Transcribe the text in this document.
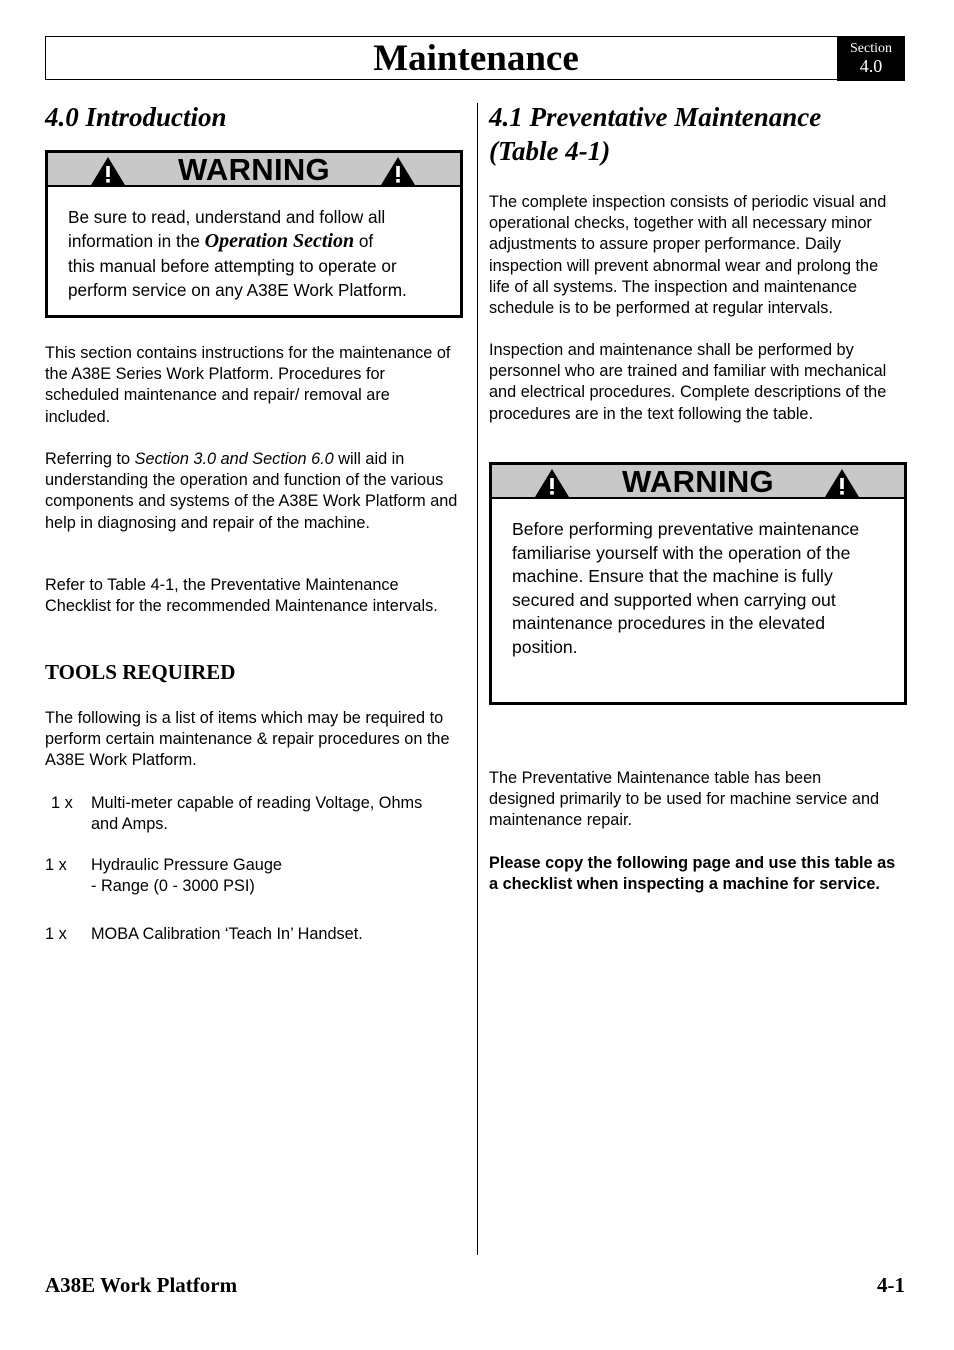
Maintenance	Section
4.0
4.0 Introduction
WARNING
Be sure to read, understand and follow all
information in the Operation Section of
this manual before attempting to operate or
perform service on any A38E Work Platform.

This section contains instructions for the maintenance of the A38E Series Work Platform. Procedures for scheduled maintenance and repair/ removal are included.

Referring to Section 3.0 and Section 6.0 will aid in understanding the operation and function of the various components and systems of the A38E Work Platform and help in diagnosing and repair of the machine.

Refer to Table 4-1, the Preventative Maintenance Checklist for the recommended Maintenance intervals.

TOOLS REQUIRED

The following is a list of items which may be required to perform certain maintenance & repair procedures on the A38E Work Platform.

1 x Multi-meter capable of reading Voltage, Ohms
and Amps.
1 x Hydraulic Pressure Gauge
- Range (0 - 3000 PSI)
1 x MOBA Calibration ‘Teach In’ Handset.
4.1 Preventative Maintenance
(Table 4-1)

The complete inspection consists of periodic visual and operational checks, together with all necessary minor adjustments to assure proper performance. Daily inspection will prevent abnormal wear and prolong the life of all systems. The inspection and maintenance schedule is to be performed at regular intervals.

Inspection and maintenance shall be performed by personnel who are trained and familiar with mechanical and electrical procedures. Complete descriptions of the procedures are in the text following the table.

WARNING
Before performing preventative maintenance familiarise yourself with the operation of the machine. Ensure that the machine is fully secured and supported when carrying out maintenance procedures in the elevated position.

The Preventative Maintenance table has been designed primarily to be used for machine service and maintenance repair.

Please copy the following page and use this table as a checklist when inspecting a machine for service.

A38E Work Platform	4-1
